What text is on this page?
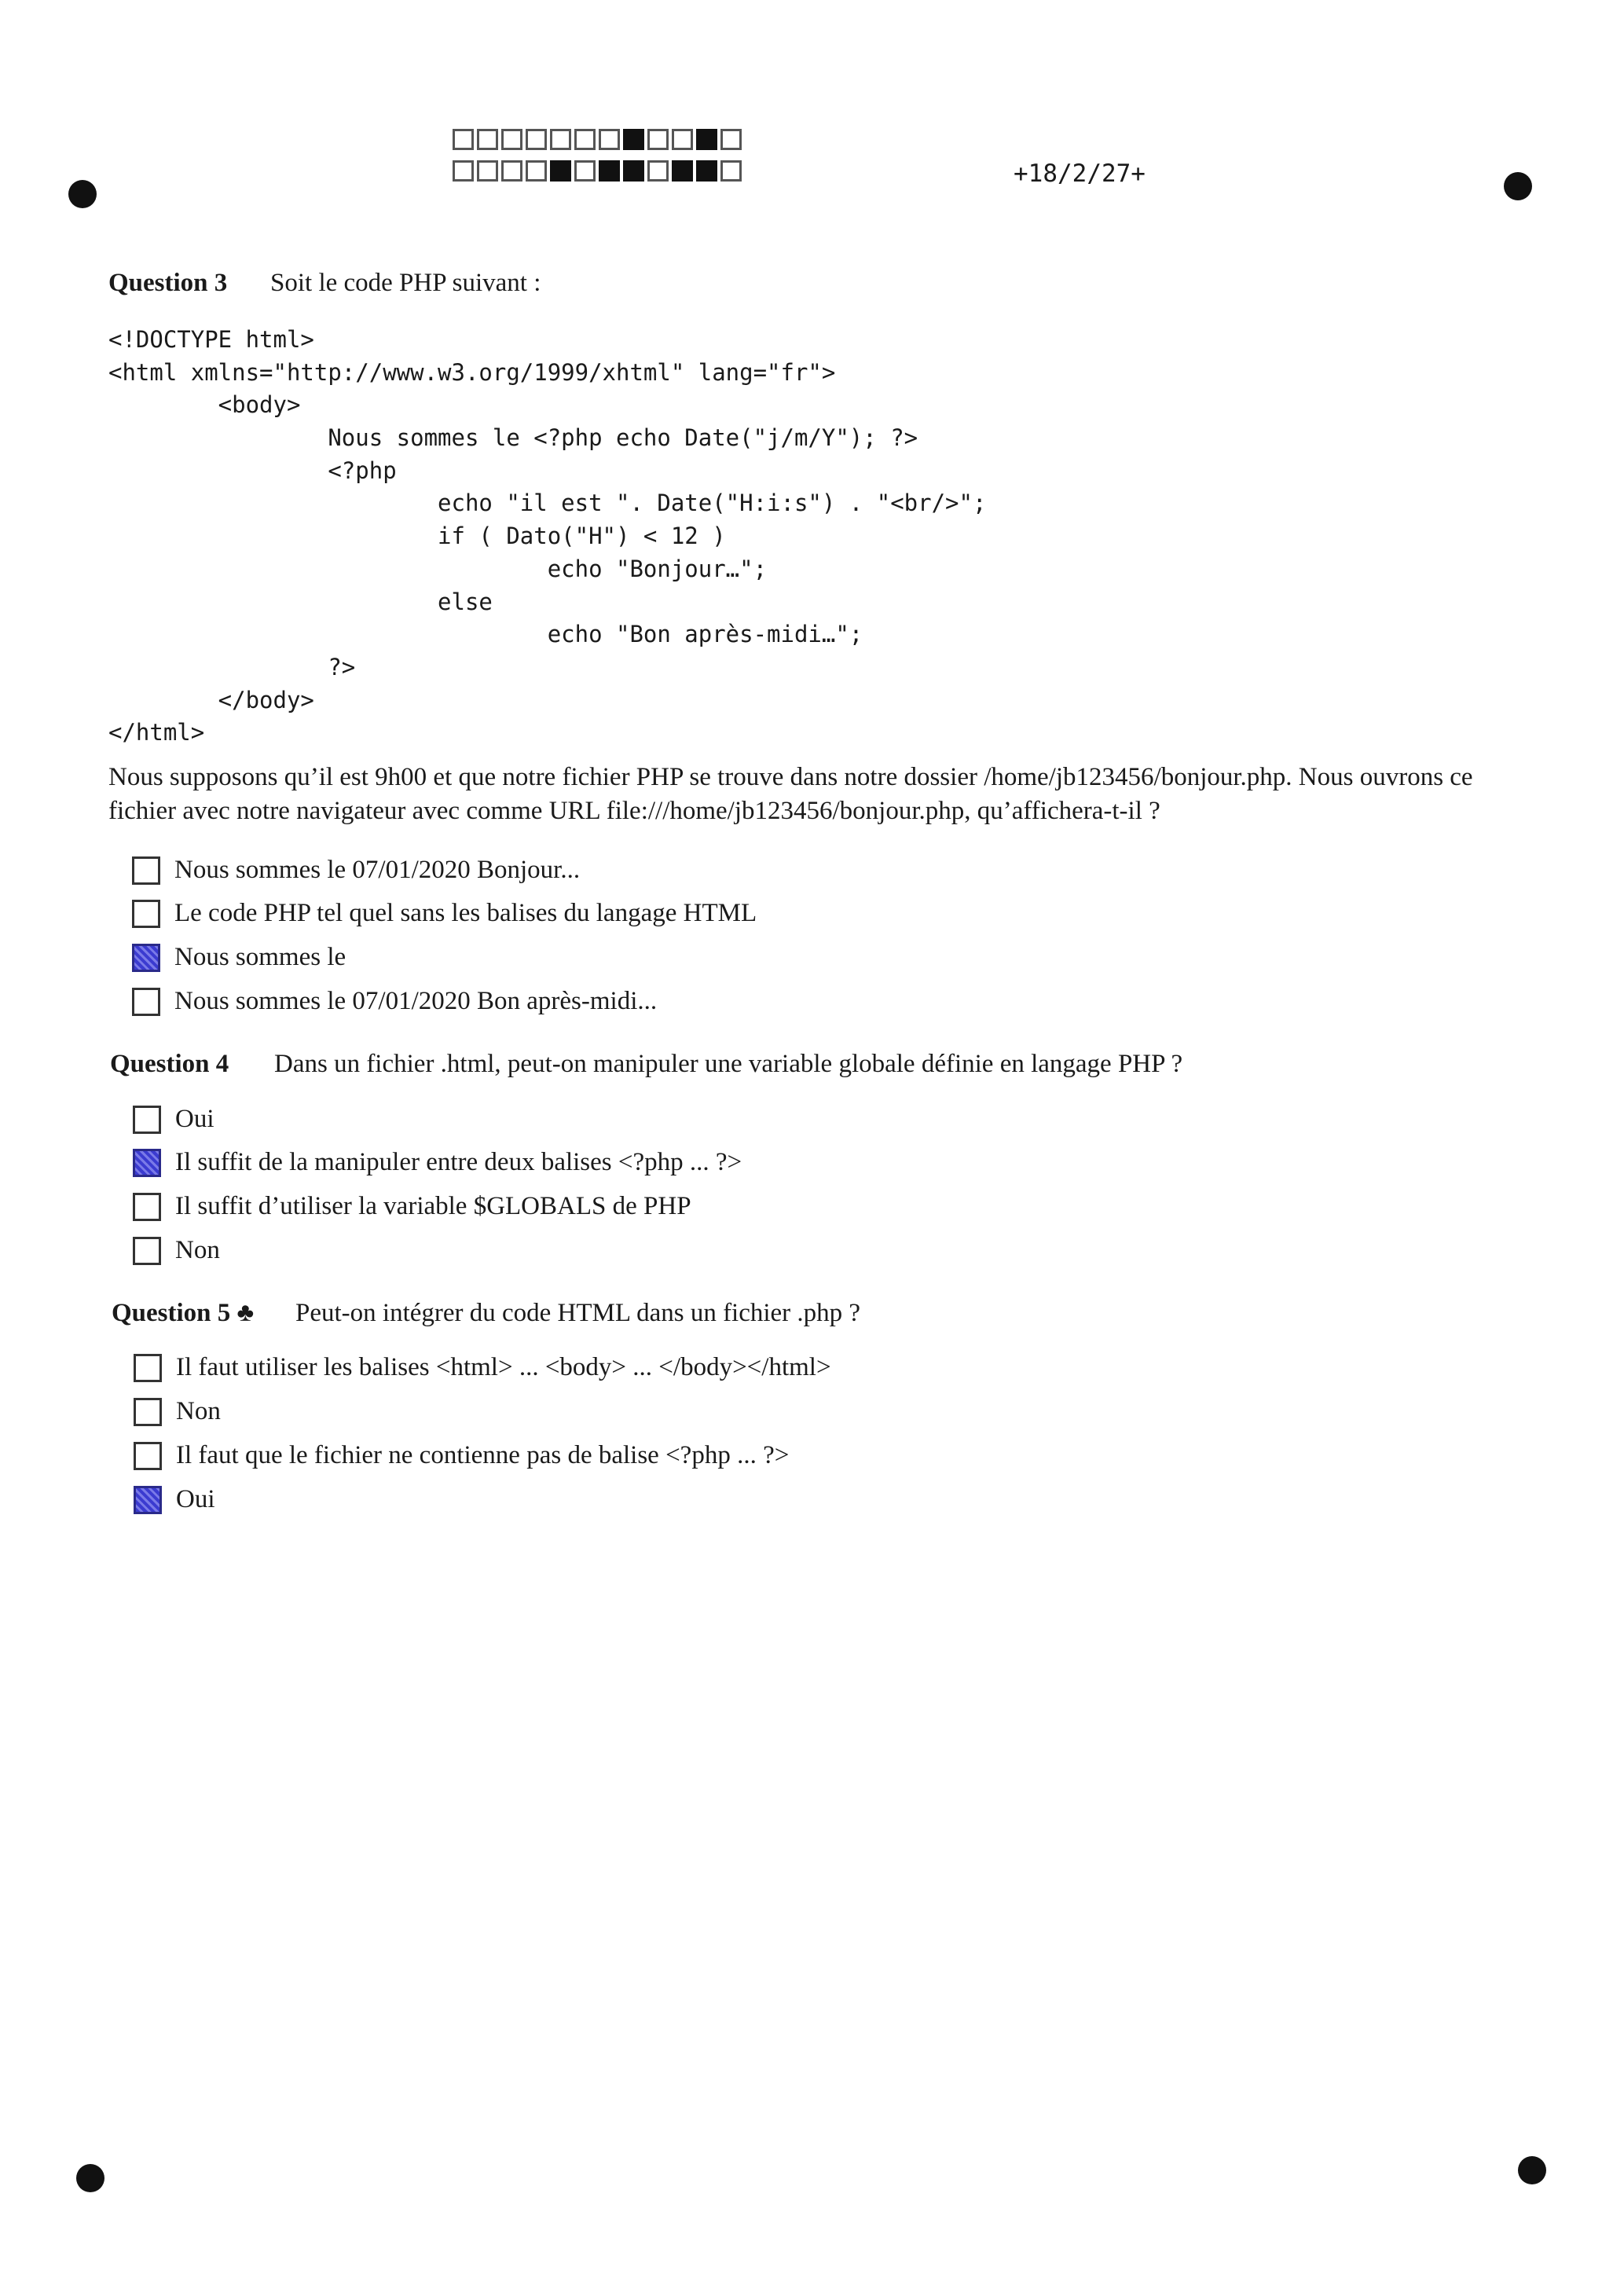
+18/2/27+
Question 3 Soit le code PHP suivant :
<!DOCTYPE html>
<html xmlns="http://www.w3.org/1999/xhtml" lang="fr">
<body>
Nous sommes le <?php echo Date("j/m/Y"); ?>
<?php
echo "il est ". Date("H:i:s") . "<br/>";
if ( Dato("H") < 12 )
echo "Bonjour…";
else
echo "Bon après-midi…";
?>
</body>
</html>
Nous supposons qu’il est 9h00 et que notre fichier PHP se trouve dans notre dossier /home/jb123456/bonjour.php. Nous ouvrons ce fichier avec notre navigateur avec comme URL file:///home/jb123456/bonjour.php, qu’affichera-t-il ?
Nous sommes le 07/01/2020 Bonjour...
Le code PHP tel quel sans les balises du langage HTML
Nous sommes le
Nous sommes le 07/01/2020 Bon après-midi...
Question 4 Dans un fichier .html, peut-on manipuler une variable globale définie en langage PHP ?
Oui
Il suffit de la manipuler entre deux balises <?php ... ?>
Il suffit d’utiliser la variable $GLOBALS de PHP
Non
Question 5 ♣ Peut-on intégrer du code HTML dans un fichier .php ?
Il faut utiliser les balises <html> ... <body> ... </body></html>
Non
Il faut que le fichier ne contienne pas de balise <?php ... ?>
Oui
